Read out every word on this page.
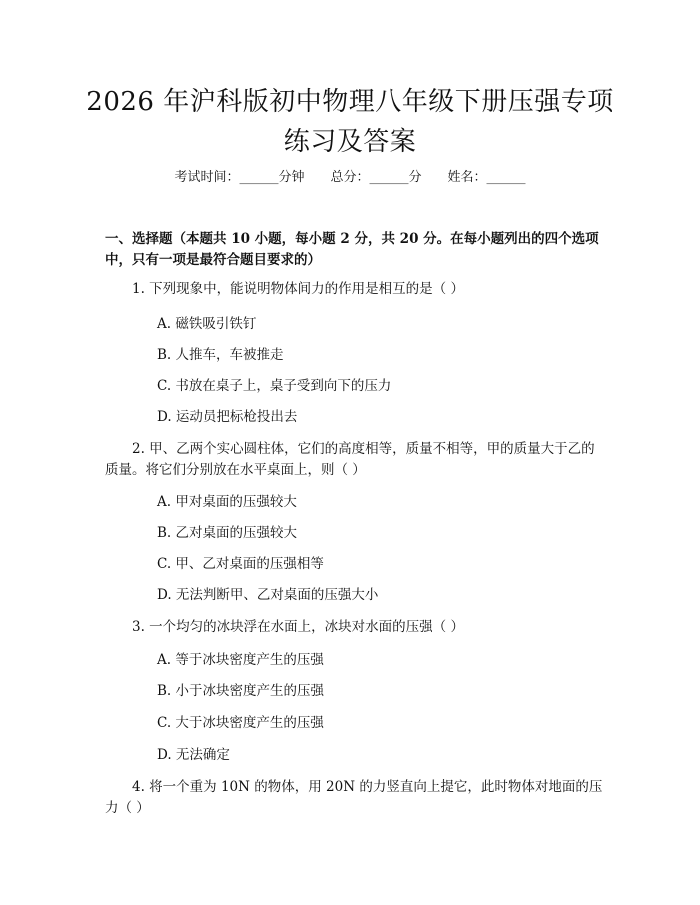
2026 年沪科版初中物理八年级下册压强专项
练习及答案
考试时间：______分钟　　总分：______分　　姓名：______
一、选择题（本题共 10 小题，每小题 2 分，共 20 分。在每小题列出的四个选项中，只有一项是最符合题目要求的）
　　1. 下列现象中，能说明物体间力的作用是相互的是（ ）
A. 磁铁吸引铁钉
B. 人推车，车被推走
C. 书放在桌子上，桌子受到向下的压力
D. 运动员把标枪投出去
　　2. 甲、乙两个实心圆柱体，它们的高度相等，质量不相等，甲的质量大于乙的质量。将它们分别放在水平桌面上，则（ ）
A. 甲对桌面的压强较大
B. 乙对桌面的压强较大
C. 甲、乙对桌面的压强相等
D. 无法判断甲、乙对桌面的压强大小
　　3. 一个均匀的冰块浮在水面上，冰块对水面的压强（ ）
A. 等于冰块密度产生的压强
B. 小于冰块密度产生的压强
C. 大于冰块密度产生的压强
D. 无法确定
　　4. 将一个重为 10N 的物体，用 20N 的力竖直向上提它，此时物体对地面的压力（ ）
